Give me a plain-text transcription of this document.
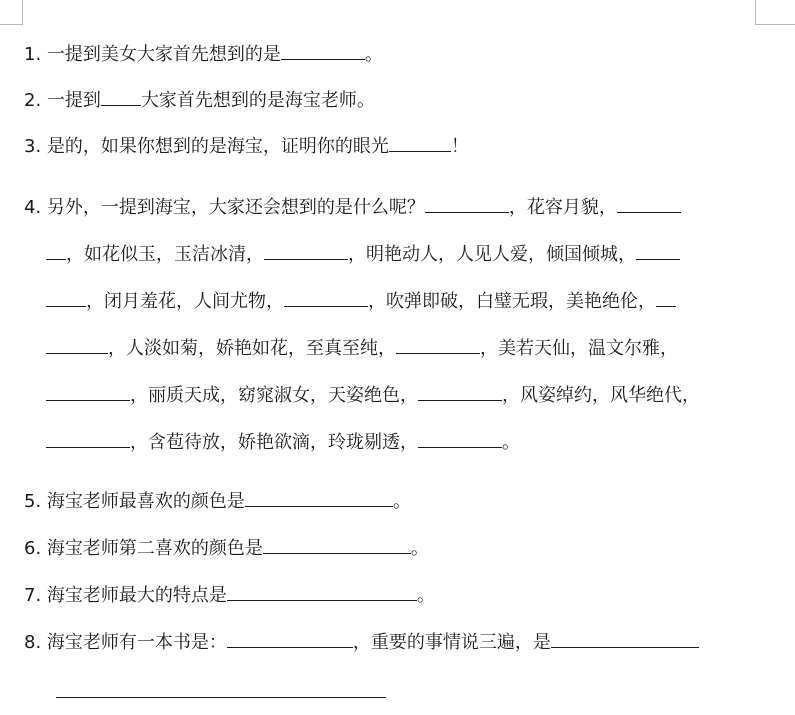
1. 一提到美女大家首先想到的是	。
2. 一提到 大家首先想到的是海宝老师。
3. 是的，如果你想到的是海宝，证明你的眼光	！
4. 另外，一提到海宝，大家还会想到的是什么呢？	，花容月貌，
，如花似玉，玉洁冰清，	，明艳动人，人见人爱，倾国倾城，
，闭月羞花，人间尤物，	，吹弹即破，白璧无瑕，美艳绝伦，
，人淡如菊，娇艳如花，至真至纯，	，美若天仙，温文尔雅，
，丽质天成，窈窕淑女，天姿绝色，	，风姿绰约，风华绝代，
，含苞待放，娇艳欲滴，玲珑剔透，	。
5. 海宝老师最喜欢的颜色是	。
6. 海宝老师第二喜欢的颜色是	。
7. 海宝老师最大的特点是	。
8. 海宝老师有一本书是：	，重要的事情说三遍，是
